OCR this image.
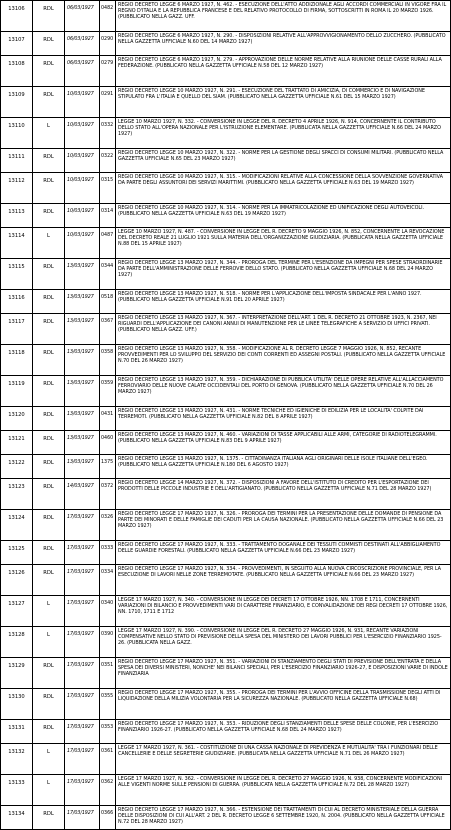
13106	RDL	06/03/1927	0482	REGIO DECRETO LEGGE 6 MARZO 1927, N. 462. - ESECUZIONE DELL'ATTO ADDIZIONALE AGLI ACCORDI COMMERCIALI IN VIGORE FRA IL REGNO D'ITALIA E LA REPUBBLICA FRANCESE E DEL RELATIVO PROTOCOLLO DI FIRMA, SOTTOSCRITTI IN ROMA IL 20 MARZO 1926. (PUBBLICATO NELLA GAZZ. UFF.
13107	RDL	06/03/1927	0290	REGIO DECRETO LEGGE 6 MARZO 1927, N. 290. - DISPOSIZIONI RELATIVE ALL'APPROVVIGIONAMENTO DELLO ZUCCHERO. (PUBBLICATO NELLA GAZZETTA UFFICIALE N.60 DEL 14 MARZO 1927)
13108	RDL	06/03/1927	0279	REGIO DECRETO LEGGE 6 MARZO 1927, N. 279. - APPROVAZIONE DELLE NORME RELATIVE ALLA RIUNIONE DELLE CASSE RURALI ALLA FEDERAZIONE. (PUBBLICATO NELLA GAZZETTA UFFICIALE N.58 DEL 12 MARZO 1927)
13109	RDL	10/03/1927	0291	REGIO DECRETO LEGGE 10 MARZO 1927, N. 291. - ESECUZIONE DEL TRATTATO DI AMICIZIA, DI COMMERCIO E DI NAVIGAZIONE STIPULATO FRA L'ITALIA E QUELLO DEL SIAM. (PUBBLICATO NELLA GAZZETTA UFFICIALE N.61 DEL 15 MARZO 1927)
13110	L	10/03/1927	0332	LEGGE 10 MARZO 1927, N. 332. - CONVERSIONE IN LEGGE DEL R. DECRETO 4 APRILE 1926, N. 914, CONCERNENTE IL CONTRIBUTO DELLO STATO ALL'OPERA NAZIONALE PER L'ISTRUZIONE ELEMENTARE. (PUBBLICATA NELLA GAZZETTA UFFICIALE N.66 DEL 24 MARZO 1927)
13111	RDL	10/03/1927	0322	REGIO DECRETO LEGGE 10 MARZO 1927, N. 322. - NORME PER LA GESTIONE DEGLI SPACCI DI CONSUMI MILITARI. (PUBBLICATO NELLA GAZZETTA UFFICIALE N.65 DEL 23 MARZO 1927)
13112	RDL	10/03/1927	0315	REGIO DECRETO LEGGE 10 MARZO 1927, N. 315. - MODIFICAZIONI RELATIVE ALLA CONCESSIONE DELLA SOVVENZIONE GOVERNATIVA DA PARTE DEGLI ASSUNTORI DEI SERVIZI MARITTIMI. (PUBBLICATO NELLA GAZZETTA UFFICIALE N.63 DEL 19 MARZO 1927)
13113	RDL	10/03/1927	0314	REGIO DECRETO LEGGE 10 MARZO 1927, N. 314. - NORME PER LA IMMATRICOLAZIONE ED UNIFICAZIONE DEGLI AUTOVEICOLI. (PUBBLICATO NELLA GAZZETTA UFFICIALE N.63 DEL 19 MARZO 1927)
13114	L	10/03/1927	0487	LEGGE 10 MARZO 1927, N. 487. - CONVERSIONE IN LEGGE DEL R. DECRETO 9 MAGGIO 1926, N. 852, CONCERNENTE LA REVOCAZIONE DEL DECRETO REALE 21 LUGLIO 1921 SULLA MATERIA DELL'ORGANIZZAZIONE GIUDIZIARIA. (PUBBLICATA NELLA GAZZETTA UFFICIALE N.88 DEL 15 APRILE 1927)
13115	RDL	13/03/1927	0344	REGIO DECRETO LEGGE 13 MARZO 1927, N. 344. - PROROGA DEL TERMINE PER L'ESENZIONE DA IMPEGNI PER SPESE STRAORDINARIE DA PARTE DELL'AMMINISTRAZIONE DELLE FERROVIE DELLO STATO. (PUBBLICATO NELLA GAZZETTA UFFICIALE N.68 DEL 24 MARZO 1927)
13116	RDL	13/03/1927	0518	REGIO DECRETO LEGGE 13 MARZO 1927, N. 518. - NORME PER L'APPLICAZIONE DELL'IMPOSTA SINDACALE PER L'ANNO 1927. (PUBBLICATO NELLA GAZZETTA UFFICIALE N.91 DEL 20 APRILE 1927)
13117	RDL	13/03/1927	0367	REGIO DECRETO LEGGE 13 MARZO 1927, N. 367. - INTERPRETAZIONE DELL'ART. 1 DEL R. DECRETO 21 OTTOBRE 1923, N. 2367, NEI RIGUARDI DELL'APPLICAZIONE DEI CANONI ANNUI DI MANUTENZIONE PER LE LINEE TELEGRAFICHE A SERVIZIO DI UFFICI PRIVATI. (PUBBLICATO NELLA GAZZ. UFF.)
13118	RDL	13/03/1927	0358	REGIO DECRETO LEGGE 13 MARZO 1927, N. 358. - MODIFICAZIONE AL R. DECRETO LEGGE 7 MAGGIO 1926, N. 852, RECANTE PROVVEDIMENTI PER LO SVILUPPO DEL SERVIZIO DEI CONTI CORRENTI ED ASSEGNI POSTALI. (PUBBLICATO NELLA GAZZETTA UFFICIALE N.70 DEL 26 MARZO 1927)
13119	RDL	13/03/1927	0359	REGIO DECRETO LEGGE 13 MARZO 1927, N. 359. - DICHIARAZIONE DI PUBBLICA UTILITA' DELLE OPERE RELATIVE ALL'ALLACCIAMENTO FERROVIARIO DELLE NUOVE CALATE OCCIDENTALI DEL PORTO DI GENOVA. (PUBBLICATO NELLA GAZZETTA UFFICIALE N.70 DEL 26 MARZO 1927)
13120	RDL	13/03/1927	0431	REGIO DECRETO LEGGE 13 MARZO 1927, N. 431. - NORME TECNICHE ED IGIENICHE DI EDILIZIA PER LE LOCALITA' COLPITE DAI TERREMOTI. (PUBBLICATO NELLA GAZZETTA UFFICIALE N.82 DEL 8 APRILE 1927)
13121	RDL	13/03/1927	0460	REGIO DECRETO LEGGE 13 MARZO 1927, N. 460. - VARIAZIONI DI TASSE APPLICABILI ALLE ARMI, CATEGORIE DI RADIOTELEGRAMMI. (PUBBLICATO NELLA GAZZETTA UFFICIALE N.83 DEL 9 APRILE 1927)
13122	RDL	13/03/1927	1375	REGIO DECRETO LEGGE 13 MARZO 1927, N. 1375. - CITTADINANZA ITALIANA AGLI ORIGINARI DELLE ISOLE ITALIANE DELL'EGEO. (PUBBLICATO NELLA GAZZETTA UFFICIALE N.180 DEL 6 AGOSTO 1927)
13123	RDL	14/03/1927	0372	REGIO DECRETO LEGGE 14 MARZO 1927, N. 372. - DISPOSIZIONI A FAVORE DELL'ISTITUTO DI CREDITO PER L'ESPORTAZIONE DEI PRODOTTI DELLE PICCOLE INDUSTRIE E DELL'ARTIGIANATO. (PUBBLICATO NELLA GAZZETTA UFFICIALE N.71 DEL 28 MARZO 1927)
13124	RDL	17/03/1927	0326	REGIO DECRETO LEGGE 17 MARZO 1927, N. 326. - PROROGA DEI TERMINI PER LA PRESENTAZIONE DELLE DOMANDE DI PENSIONE DA PARTE DEI MINORATI E DELLE FAMIGLIE DEI CADUTI PER LA CAUSA NAZIONALE. (PUBBLICATO NELLA GAZZETTA UFFICIALE N.66 DEL 23 MARZO 1927)
13125	RDL	17/03/1927	0333	REGIO DECRETO LEGGE 17 MARZO 1927, N. 333. - TRATTAMENTO DOGANALE DEI TESSUTI COMMISTI DESTINATI ALL'ABBIGLIAMENTO DELLE GUARDIE FORESTALI. (PUBBLICATO NELLA GAZZETTA UFFICIALE N.66 DEL 23 MARZO 1927)
13126	RDL	17/03/1927	0334	REGIO DECRETO LEGGE 17 MARZO 1927, N. 334. - PROVVEDIMENTI, IN SEGUITO ALLA NUOVA CIRCOSCRIZIONE PROVINCIALE, PER LA ESECUZIONE DI LAVORI NELLE ZONE TERREMOTATE. (PUBBLICATO NELLA GAZZETTA UFFICIALE N.66 DEL 23 MARZO 1927)
13127	L	17/03/1927	0340	LEGGE 17 MARZO 1927, N. 340. - CONVERSIONE IN LEGGE DEI DECRETI 17 OTTOBRE 1926, NN. 1708 E 1711, CONCERNENTI VARIAZIONI DI BILANCIO E PROVVEDIMENTI VARI DI CARATTERE FINANZIARIO, E CONVALIDAZIONE DEI REGI DECRETI 17 OTTOBRE 1926, NN. 1710, 1711 E 1712
13128	L	17/03/1927	0390	LEGGE 17 MARZO 1927, N. 390. - CONVERSIONE IN LEGGE DEL R. DECRETO 27 MAGGIO 1926, N. 931, RECANTE VARIAZIONI COMPENSATIVE NELLO STATO DI PREVISIONE DELLA SPESA DEL MINISTERO DEI LAVORI PUBBLICI PER L'ESERCIZIO FINANZIARIO 1925-26. (PUBBLICATA NELLA GAZZ.
13129	RDL	17/03/1927	0351	REGIO DECRETO LEGGE 17 MARZO 1927, N. 351. - VARIAZIONI DI STANZIAMENTO DEGLI STATI DI PREVISIONE DELL'ENTRATA E DELLA SPESA DEI DIVERSI MINISTERI, NONCHE' NEI BILANCI SPECIALI, PER L'ESERCIZIO FINANZIARIO 1926-27, E DISPOSIZIONI VARIE DI INDOLE FINANZIARIA
13130	RDL	17/03/1927	0355	REGIO DECRETO LEGGE 17 MARZO 1927, N. 355. - PROROGA DEI TERMINI PER L'AVVIO OFFICINE DELLA TRASMISSIONE DEGLI ATTI DI LIQUIDAZIONE DELLA MILIZIA VOLONTARIA PER LA SICUREZZA NAZIONALE. (PUBBLICATO NELLA GAZZETTA UFFICIALE N.68)
13131	RDL	17/03/1927	0353	REGIO DECRETO LEGGE 17 MARZO 1927, N. 353. - RIDUZIONE DEGLI STANZIAMENTI DELLE SPESE DELLE COLONIE, PER L'ESERCIZIO FINANZIARIO 1926-27. (PUBBLICATO NELLA GAZZETTA UFFICIALE N.68 DEL 24 MARZO 1927)
13132	L	17/03/1927	0361	LEGGE 17 MARZO 1927, N. 361. - COSTITUZIONE DI UNA CASSA NAZIONALE DI PREVIDENZA E MUTUALITA' TRA I FUNZIONARI DELLE CANCELLERIE E DELLE SEGRETERIE GIUDIZIARIE. (PUBBLICATA NELLA GAZZETTA UFFICIALE N.71 DEL 26 MARZO 1927)
13133	L	17/03/1927	0362	LEGGE 17 MARZO 1927, N. 362. - CONVERSIONE IN LEGGE DEL R. DECRETO 27 MAGGIO 1926, N. 938, CONCERNENTE MODIFICAZIONI ALLE VIGENTI NORME SULLE PENSIONI DI GUERRA. (PUBBLICATA NELLA GAZZETTA UFFICIALE N.72 DEL 28 MARZO 1927)
13134	RDL	17/03/1927	0366	REGIO DECRETO LEGGE 17 MARZO 1927, N. 366. - ESTENSIONE DEI TRATTAMENTI DI CUI AL DECRETO MINISTERIALE DELLA GUERRA DELLE DISPOSIZIONI DI CUI ALL'ART. 2 DEL R. DECRETO LEGGE 6 SETTEMBRE 1920, N. 2004. (PUBBLICATO NELLA GAZZETTA UFFICIALE N.72 DEL 28 MARZO 1927)
